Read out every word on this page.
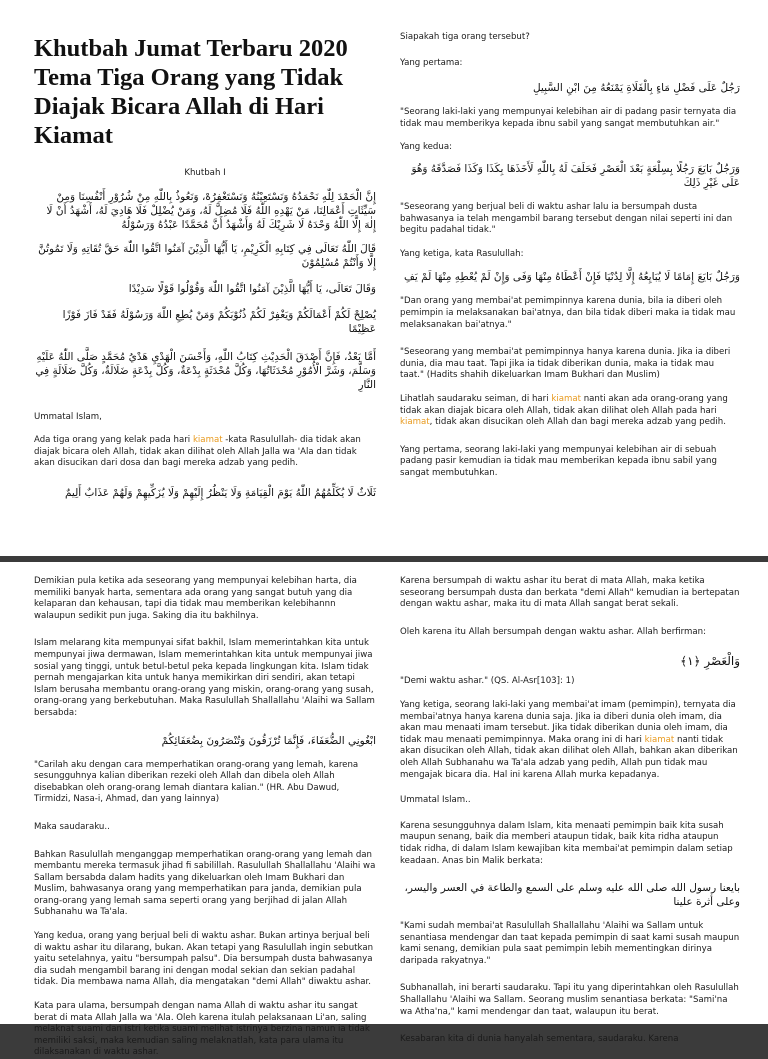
Khutbah Jumat Terbaru 2020 Tema Tiga Orang yang Tidak Diajak Bicara Allah di Hari Kiamat
Khutbah I

إِنَّ الْحَمْدَ لِلّٰهِ نَحْمَدُهُ وَنَسْتَعِيْنُهُ وَنَسْتَغْفِرُهْ، وَنَعُوذُ بِاللّٰهِ مِنْ شُرُوْرِ أَنْفُسِنَا وَمِنْ سَيِّئَاتِ أَعْمَالِنَا، مَنْ يَهْدِهِ اللّٰهُ فَلَا مُضِلَّ لَهُ، وَمَنْ يُضْلِلْ فَلَا هَادِيَ لَهُ، أَشْهَدُ أَنْ لَا إِلٰهَ إِلَّا اللّٰهُ وَحْدَهُ لَا شَرِيْكَ لَهُ وَأَشْهَدُ أَنَّ مُحَمَّدًا عَبْدُهُ وَرَسُوْلُهُ

قَالَ اللّٰهُ تَعَالَى فِي كِتَابِهِ الْكَرِيْمِ، يَا أَيُّهَا الَّذِيْنَ آمَنُوا اتَّقُوا اللّٰهَ حَقَّ تُقَاتِهِ وَلَا تَمُوتُنَّ إِلَّا وَأَنْتُمْ مُسْلِمُوْنَ

وَقَالَ تَعَالَى، يَا أَيُّهَا الَّذِيْنَ آمَنُوا اتَّقُوا اللّٰهَ وَقُوْلُوا قَوْلًا سَدِيْدًا

يُصْلِحْ لَكُمْ أَعْمَالَكُمْ وَيَغْفِرْ لَكُمْ ذُنُوْبَكُمْ وَمَنْ يُطِعِ اللّٰهَ وَرَسُوْلَهُ فَقَدْ فَازَ فَوْزًا عَظِيْمًا

أَمَّا بَعْدُ، فَإِنَّ أَصْدَقَ الْحَدِيْثِ كِتَابُ اللّٰهِ، وَأَحْسَنَ الْهَدْيِ هَدْيُ مُحَمَّدٍ صَلَّى اللّٰهُ عَلَيْهِ وَسَلَّمَ، وَشَرَّ الْأُمُوْرِ مُحْدَثَاتُهَا، وَكُلَّ مُحْدَثَةٍ بِدْعَةٌ، وَكُلَّ بِدْعَةٍ ضَلَالَةٌ، وَكُلَّ ضَلَالَةٍ فِي النَّارِ

Ummatal Islam,

Ada tiga orang yang kelak pada hari kiamat -kata Rasulullah- dia tidak akan diajak bicara oleh Allah, tidak akan dilihat oleh Allah Jalla wa 'Ala dan tidak akan disucikan dari dosa dan bagi mereka adzab yang pedih.

ثَلَاثٌ لَا يُكَلِّمُهُمُ اللّٰهُ يَوْمَ الْقِيَامَةِ وَلَا يَنْظُرُ إِلَيْهِمْ وَلَا يُزَكِّيهِمْ وَلَهُمْ عَذَابٌ أَلِيمٌ

Siapakah tiga orang tersebut?

Yang pertama:

رَجُلٌ عَلَى فَضْلِ مَاءٍ بِالْفَلَاةِ يَمْنَعُهُ مِنَ ابْنِ السَّبِيلِ

"Seorang laki-laki yang mempunyai kelebihan air di padang pasir ternyata dia tidak mau memberikya kepada ibnu sabil yang sangat membutuhkan air."

Yang kedua:

وَرَجُلٌ بَايَعَ رَجُلًا بِسِلْعَةٍ بَعْدَ الْعَصْرِ فَحَلَفَ لَهُ بِاللّٰهِ لَأَخَذَهَا بِكَذَا وَكَذَا فَصَدَّقَهُ وَهُوَ عَلَى غَيْرِ ذَلِكَ

"Seseorang yang berjual beli di waktu ashar lalu ia bersumpah dusta bahwasanya ia telah mengambil barang tersebut dengan nilai seperti ini dan begitu padahal tidak."

Yang ketiga, kata Rasulullah:

وَرَجُلٌ بَايَعَ إِمَامًا لَا يُبَايِعُهُ إِلَّا لِدُنْيَا فَإِنْ أَعْطَاهُ مِنْهَا وَفَى وَإِنْ لَمْ يُعْطِهِ مِنْهَا لَمْ يَفِ

"Dan orang yang membai'at pemimpinnya karena dunia, bila ia diberi oleh pemimpin ia melaksanakan bai'atnya, dan bila tidak diberi maka ia tidak mau melaksanakan bai'atnya."

"Seseorang yang membai'at pemimpinnya hanya karena dunia. Jika ia diberi dunia, dia mau taat. Tapi jika ia tidak diberikan dunia, maka ia tidak mau taat." (Hadits shahih dikeluarkan Imam Bukhari dan Muslim)

Lihatlah saudaraku seiman, di hari kiamat nanti akan ada orang-orang yang tidak akan diajak bicara oleh Allah, tidak akan dilihat oleh Allah pada hari kiamat, tidak akan disucikan oleh Allah dan bagi mereka adzab yang pedih.

Yang pertama, seorang laki-laki yang mempunyai kelebihan air di sebuah padang pasir kemudian ia tidak mau memberikan kepada ibnu sabil yang sangat membutuhkan.

Demikian pula ketika ada seseorang yang mempunyai kelebihan harta, dia memiliki banyak harta, sementara ada orang yang sangat butuh yang dia kelaparan dan kehausan, tapi dia tidak mau memberikan kelebihannn walaupun sedikit pun juga. Saking dia itu bakhilnya.

Islam melarang kita mempunyai sifat bakhil, Islam memerintahkan kita untuk mempunyai jiwa dermawan, Islam memerintahkan kita untuk mempunyai jiwa sosial yang tinggi, untuk betul-betul peka kepada lingkungan kita. Islam tidak pernah mengajarkan kita untuk hanya memikirkan diri sendiri, akan tetapi Islam berusaha membantu orang-orang yang miskin, orang-orang yang susah, orang-orang yang berkebutuhan. Maka Rasulullah Shallallahu 'Alaihi wa Sallam bersabda:

ابْغُونِي الضُّعَفَاءَ، فَإِنَّمَا تُرْزَقُونَ وَتُنْصَرُونَ بِضُعَفَائِكُمْ

"Carilah aku dengan cara memperhatikan orang-orang yang lemah, karena sesungguhnya kalian diberikan rezeki oleh Allah dan dibela oleh Allah disebabkan oleh orang-orang lemah diantara kalian." (HR. Abu Dawud, Tirmidzi, Nasa-i, Ahmad, dan yang lainnya)

Maka saudaraku..

Bahkan Rasulullah menganggap memperhatikan orang-orang yang lemah dan membantu mereka termasuk jihad fi sabilillah. Rasulullah Shallallahu 'Alaihi wa Sallam bersabda dalam hadits yang dikeluarkan oleh Imam Bukhari dan Muslim, bahwasanya orang yang memperhatikan para janda, demikian pula orang-orang yang lemah sama seperti orang yang berjihad di jalan Allah Subhanahu wa Ta'ala.

Yang kedua, orang yang berjual beli di waktu ashar. Bukan artinya berjual beli di waktu ashar itu dilarang, bukan. Akan tetapi yang Rasulullah ingin sebutkan yaitu setelahnya, yaitu "bersumpah palsu". Dia bersumpah dusta bahwasanya dia sudah mengambil barang ini dengan modal sekian dan sekian padahal tidak. Dia membawa nama Allah, dia mengatakan "demi Allah" diwaktu ashar.

Kata para ulama, bersumpah dengan nama Allah di waktu ashar itu sangat berat di mata Allah Jalla wa 'Ala. Oleh karena itulah pelaksanaan Li'an, saling melaknat suami dan istri ketika suami melihat istrinya berzina namun ia tidak memiliki saksi, maka kemudian saling melaknatlah, kata para ulama itu dilaksanakan di waktu ashar.

Karena bersumpah di waktu ashar itu berat di mata Allah, maka ketika seseorang bersumpah dusta dan berkata "demi Allah" kemudian ia bertepatan dengan waktu ashar, maka itu di mata Allah sangat berat sekali.

Oleh karena itu Allah bersumpah dengan waktu ashar. Allah berfirman:

وَالْعَصْرِ ﴿١﴾

"Demi waktu ashar." (QS. Al-Asr[103]: 1)

Yang ketiga, seorang laki-laki yang membai'at imam (pemimpin), ternyata dia membai'atnya hanya karena dunia saja. Jika ia diberi dunia oleh imam, dia akan mau menaati imam tersebut. Jika tidak diberikan dunia oleh imam, dia tidak mau menaati pemimpinnya. Maka orang ini di hari kiamat nanti tidak akan disucikan oleh Allah, tidak akan dilihat oleh Allah, bahkan akan diberikan oleh Allah Subhanahu wa Ta'ala adzab yang pedih, Allah pun tidak mau mengajak bicara dia. Hal ini karena Allah murka kepadanya.

Ummatal Islam..

Karena sesungguhnya dalam Islam, kita menaati pemimpin baik kita susah maupun senang, baik dia memberi ataupun tidak, baik kita ridha ataupun tidak ridha, di dalam Islam kewajiban kita membai'at pemimpin dalam setiap keadaan. Anas bin Malik berkata:

بايعنا رسول الله صلى الله عليه وسلم على السمع والطاعة في العسر واليسر، وعلى أثرة علينا

"Kami sudah membai'at Rasulullah Shallallahu 'Alaihi wa Sallam untuk senantiasa mendengar dan taat kepada pemimpin di saat kami susah maupun kami senang, demikian pula saat pemimpin lebih mementingkan dirinya daripada rakyatnya."

Subhanallah, ini berarti saudaraku. Tapi itu yang diperintahkan oleh Rasulullah Shallallahu 'Alaihi wa Sallam. Seorang muslim senantiasa berkata: "Sami'na wa Atha'na," kami mendengar dan taat, walaupun itu berat.

Kesabaran kita di dunia hanyalah sementara, saudaraku. Karena
